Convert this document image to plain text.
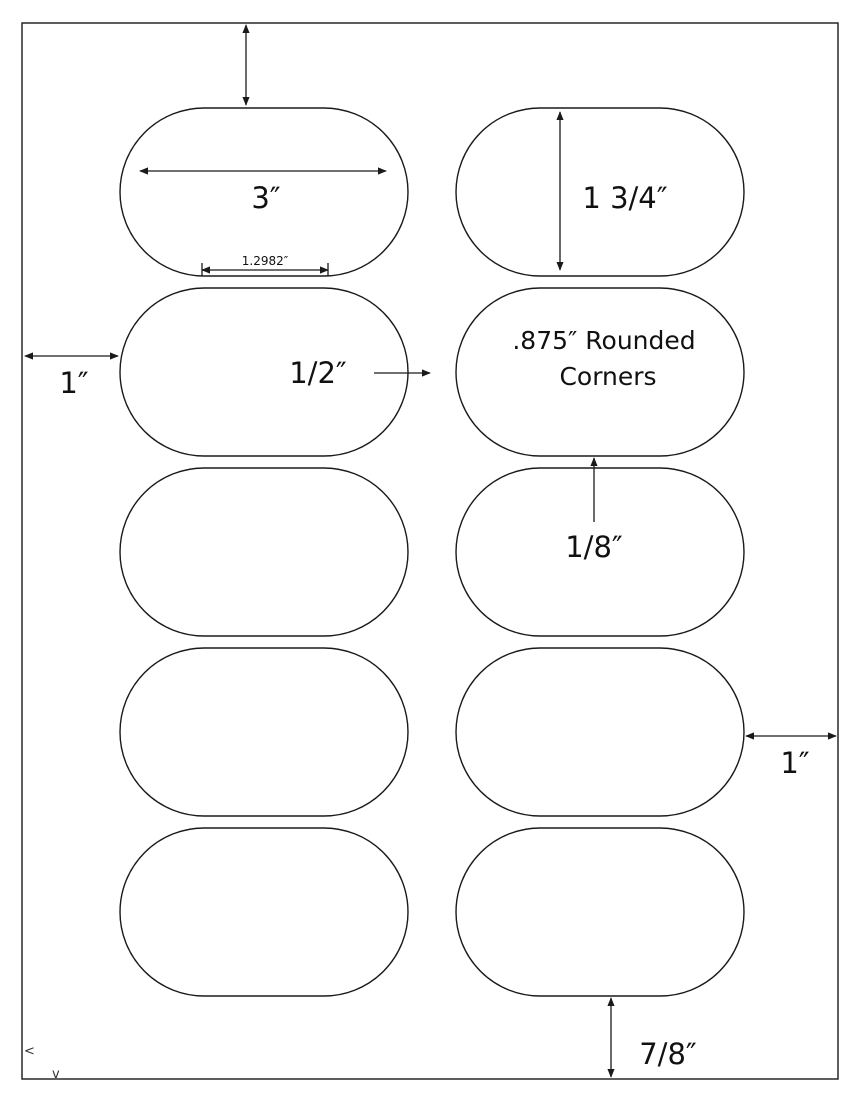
3″
1.2982″
1 3/4″
1″	1/2″
.875″ Rounded
Corners
1/8″
1″
7/8″
<
v
